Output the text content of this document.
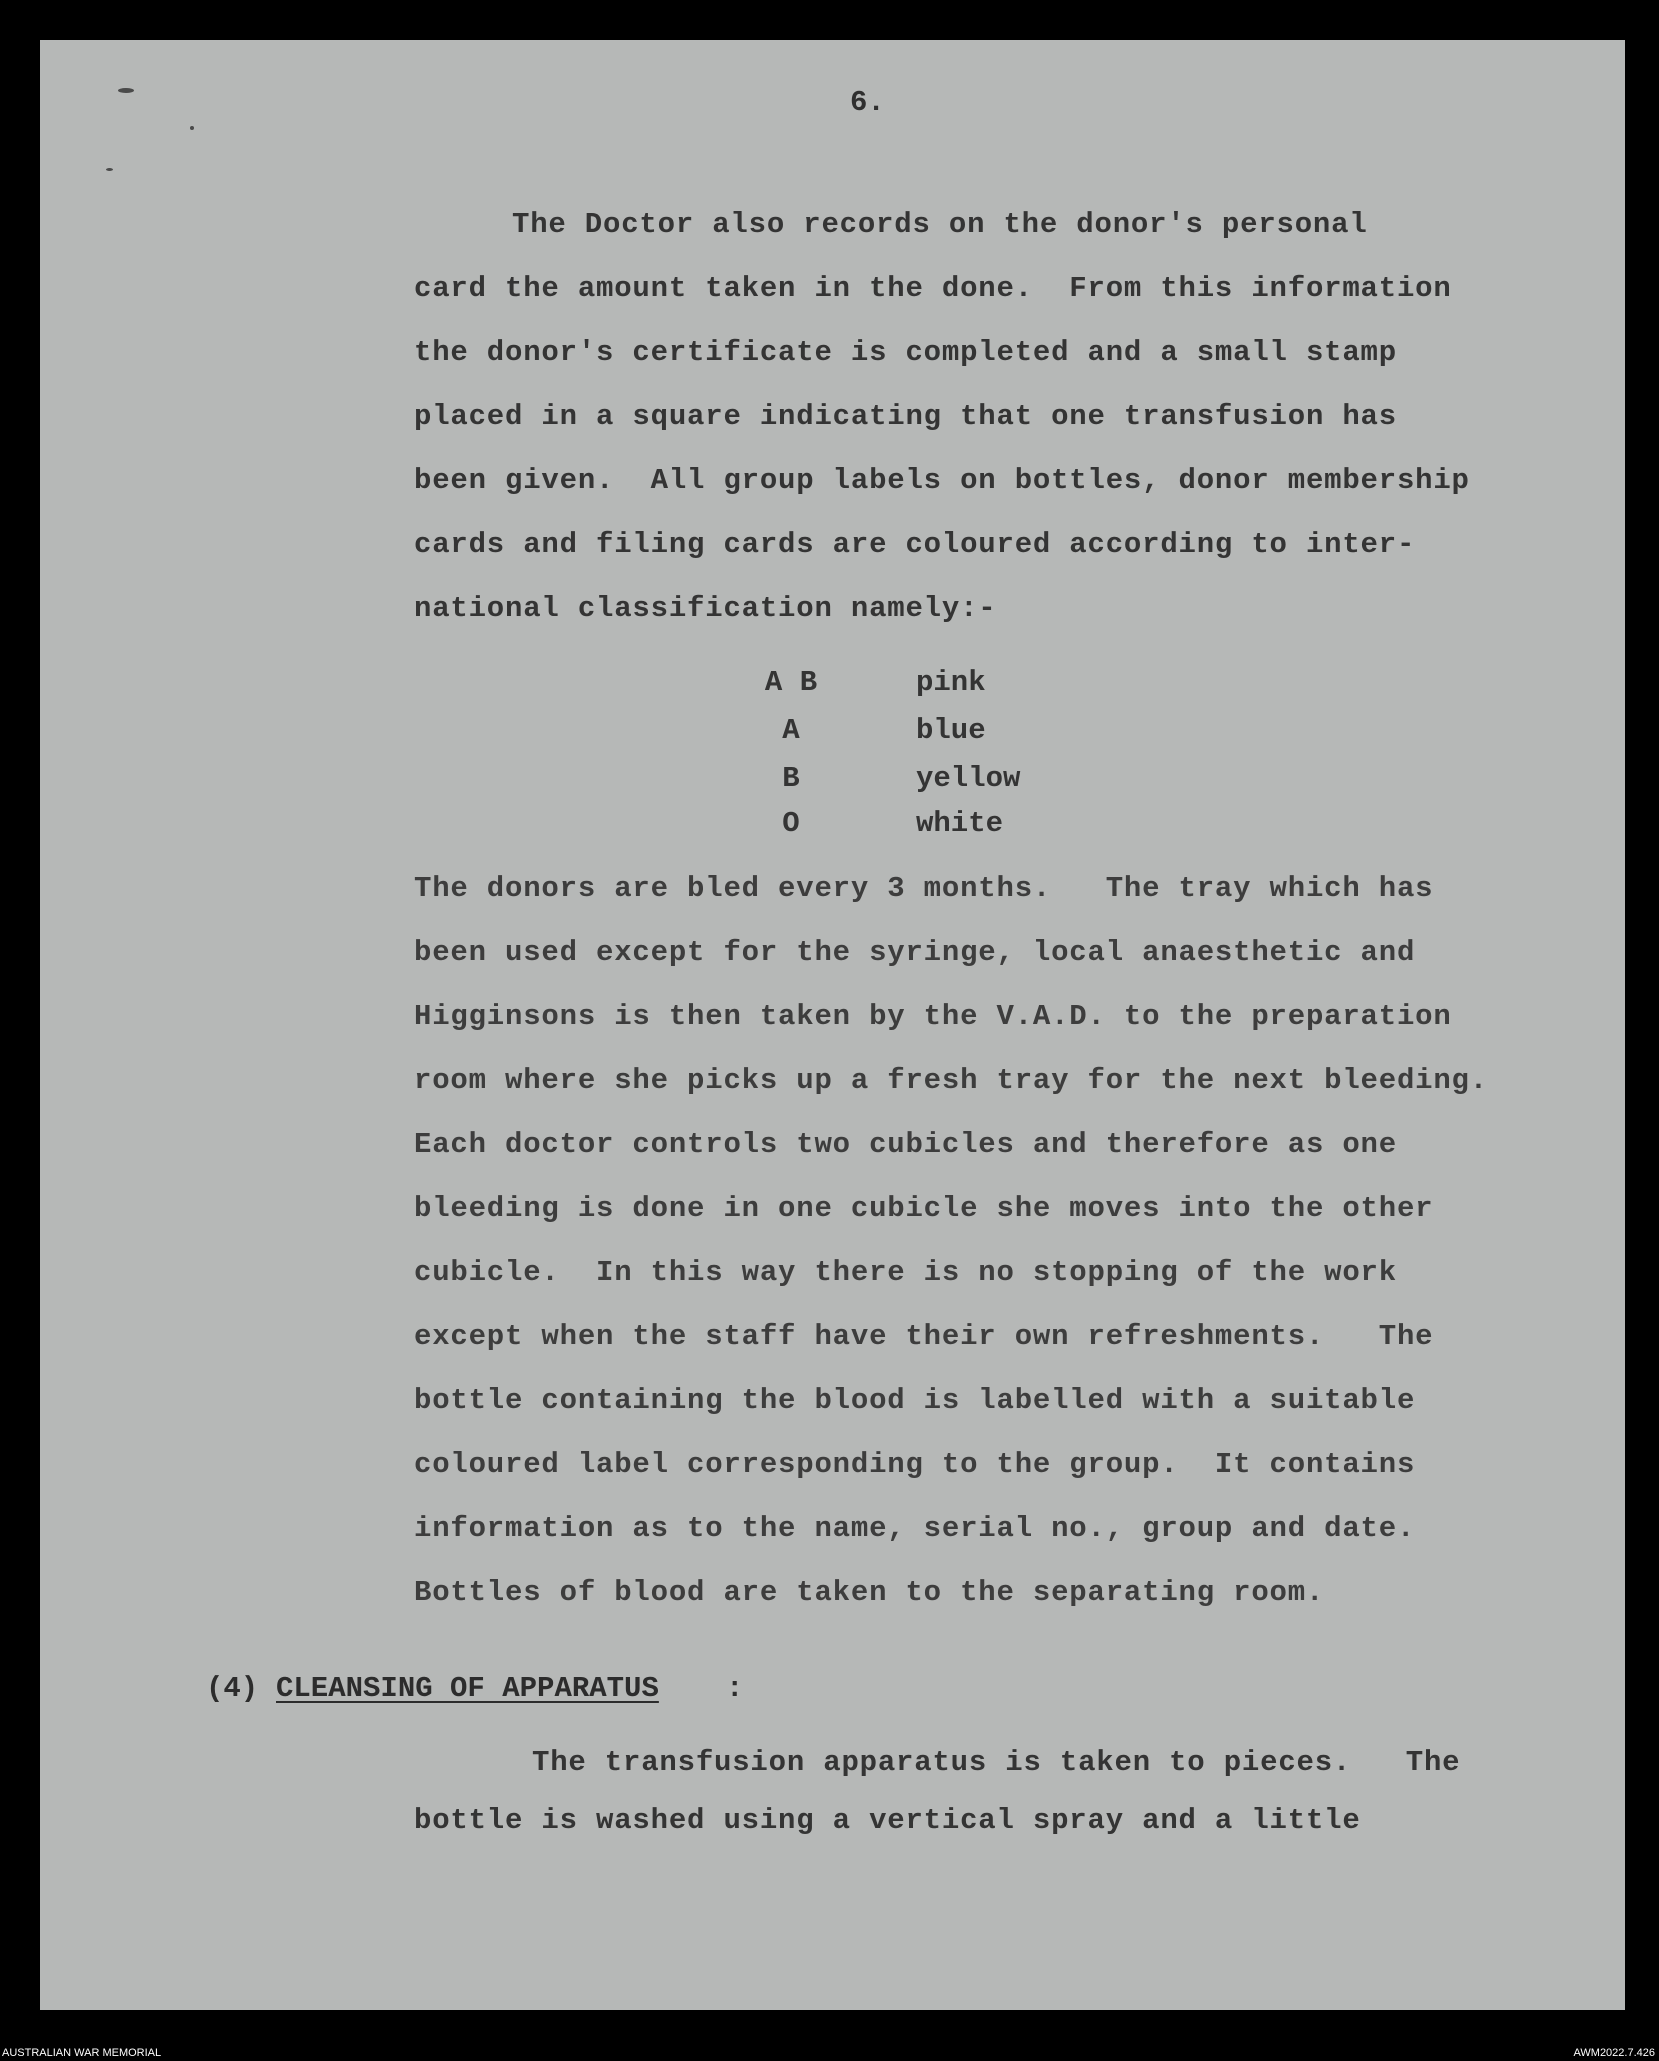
6.
The Doctor also records on the donor's personal
card the amount taken in the done.  From this information
the donor's certificate is completed and a small stamp
placed in a square indicating that one transfusion has
been given.  All group labels on bottles, donor membership
cards and filing cards are coloured according to inter-
national classification namely:-
A B	pink
A	blue
B	yellow
O	white
The donors are bled every 3 months.   The tray which has
been used except for the syringe, local anaesthetic and
Higginsons is then taken by the V.A.D. to the preparation
room where she picks up a fresh tray for the next bleeding.
Each doctor controls two cubicles and therefore as one
bleeding is done in one cubicle she moves into the other
cubicle.  In this way there is no stopping of the work
except when the staff have their own refreshments.   The
bottle containing the blood is labelled with a suitable
coloured label corresponding to the group.  It contains
information as to the name, serial no., group and date.
Bottles of blood are taken to the separating room.
(4) CLEANSING OF APPARATUS :
The transfusion apparatus is taken to pieces.   The
bottle is washed using a vertical spray and a little
AUSTRALIAN WAR MEMORIAL	AWM2022.7.426
